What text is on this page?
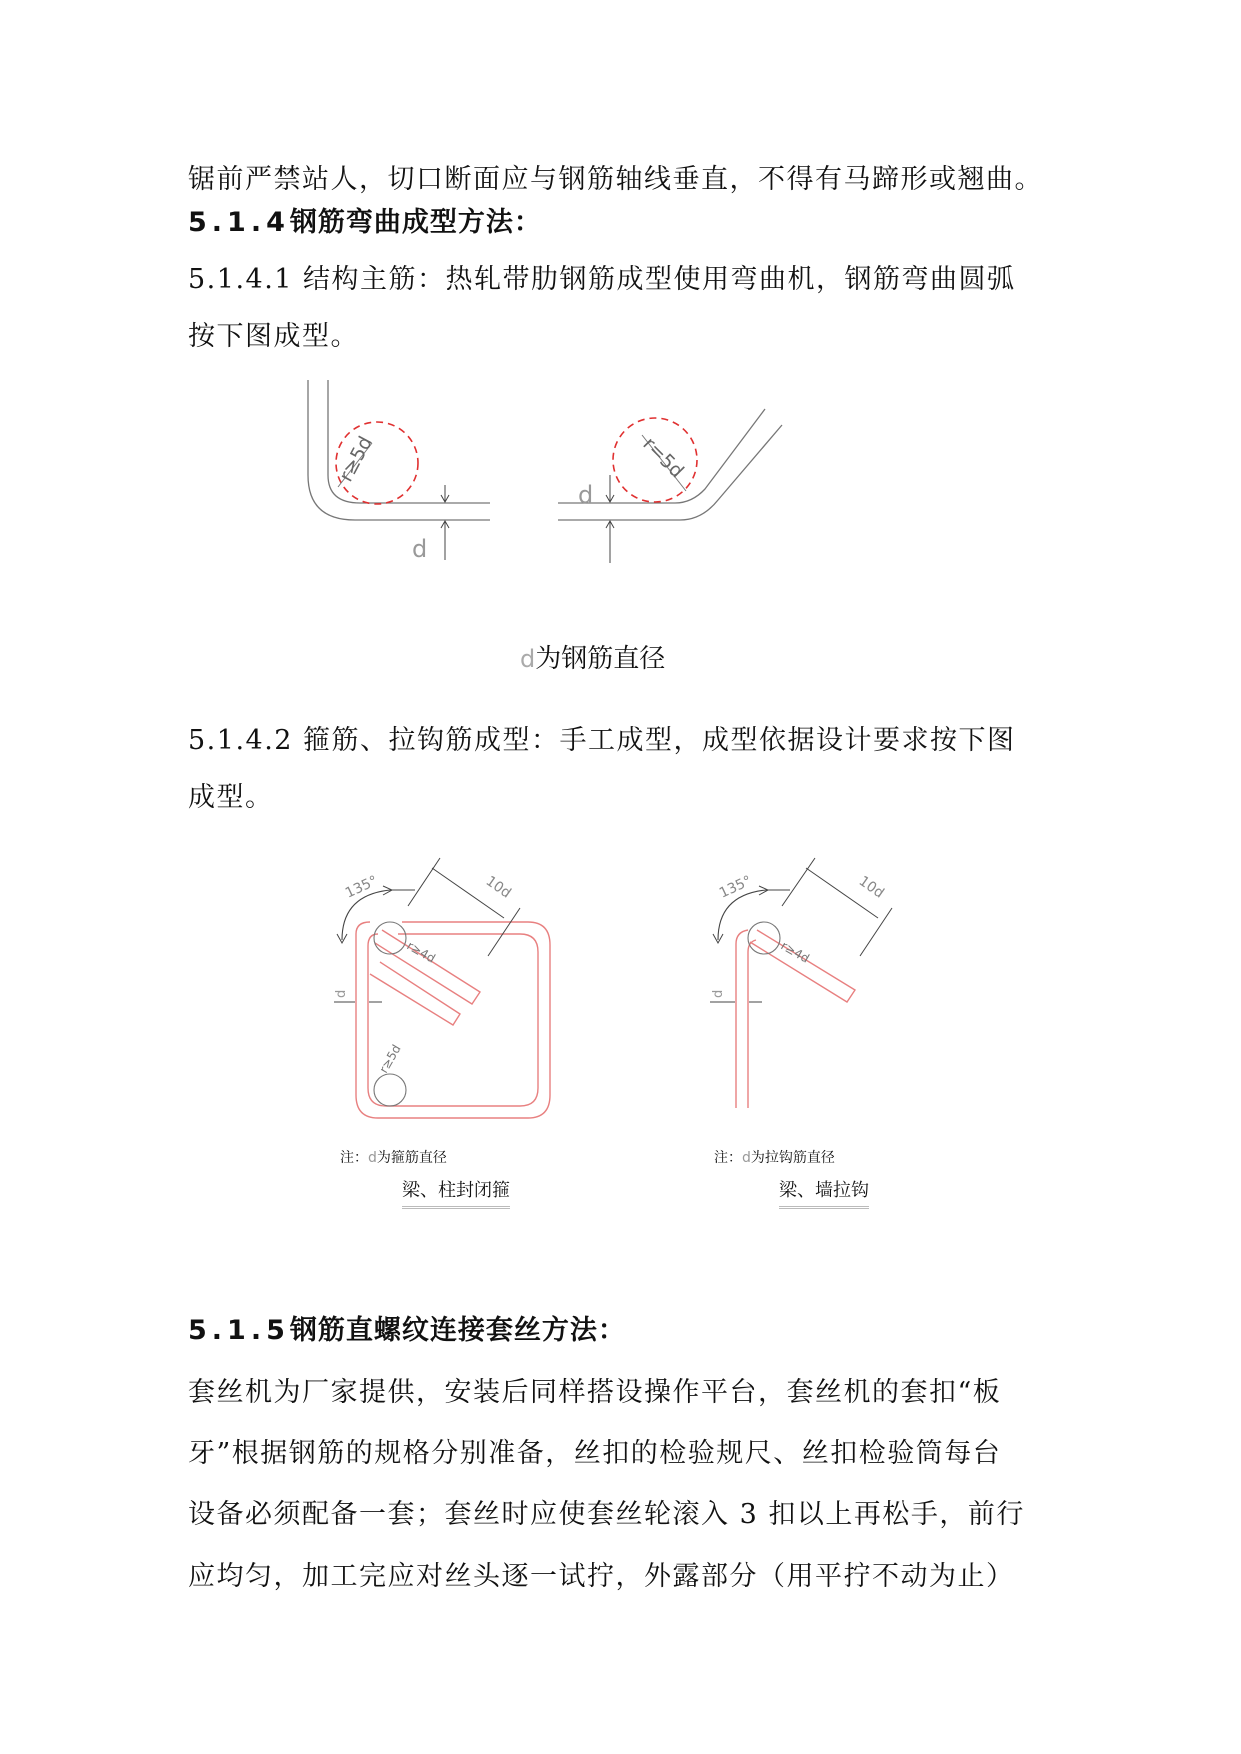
锯前严禁站人，切口断面应与钢筋轴线垂直，不得有马蹄形或翘曲。
5.1.4钢筋弯曲成型方法：
5.1.4.1 结构主筋：热轧带肋钢筋成型使用弯曲机，钢筋弯曲圆弧
按下图成型。
r≥5d
d
r=5d
d
d为钢筋直径
5.1.4.2 箍筋、拉钩筋成型：手工成型，成型依据设计要求按下图
成型。
135°	10d
r≥4d
r≥5d
d
135°	10d
r≥4d
d
注：d为箍筋直径	注：d为拉钩筋直径
梁、柱封闭箍	梁、墙拉钩
5.1.5钢筋直螺纹连接套丝方法：
套丝机为厂家提供，安装后同样搭设操作平台，套丝机的套扣“板
牙”根据钢筋的规格分别准备，丝扣的检验规尺、丝扣检验筒每台
设备必须配备一套；套丝时应使套丝轮滚入 3 扣以上再松手，前行
应均匀，加工完应对丝头逐一试拧，外露部分（用平拧不动为止）
